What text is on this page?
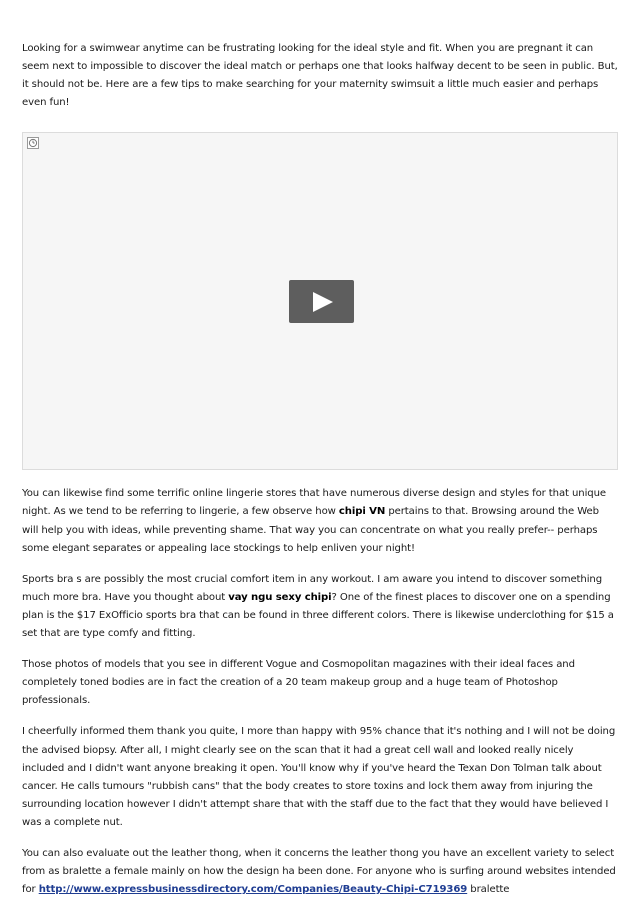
Looking for a swimwear anytime can be frustrating looking for the ideal style and fit. When you are pregnant it can seem next to impossible to discover the ideal match or perhaps one that looks halfway decent to be seen in public. But, it should not be. Here are a few tips to make searching for your maternity swimsuit a little much easier and perhaps even fun!

You can likewise find some terrific online lingerie stores that have numerous diverse design and styles for that unique night. As we tend to be referring to lingerie, a few observe how chipi VN pertains to that. Browsing around the Web will help you with ideas, while preventing shame. That way you can concentrate on what you really prefer-- perhaps some elegant separates or appealing lace stockings to help enliven your night!

Sports bra s are possibly the most crucial comfort item in any workout. I am aware you intend to discover something much more bra. Have you thought about vay ngu sexy chipi? One of the finest places to discover one on a spending plan is the $17 ExOfficio sports bra that can be found in three different colors. There is likewise underclothing for $15 a set that are type comfy and fitting.

Those photos of models that you see in different Vogue and Cosmopolitan magazines with their ideal faces and completely toned bodies are in fact the creation of a 20 team makeup group and a huge team of Photoshop professionals.

I cheerfully informed them thank you quite, I more than happy with 95% chance that it's nothing and I will not be doing the advised biopsy. After all, I might clearly see on the scan that it had a great cell wall and looked really nicely included and I didn't want anyone breaking it open. You'll know why if you've heard the Texan Don Tolman talk about cancer. He calls tumours "rubbish cans" that the body creates to store toxins and lock them away from injuring the surrounding location however I didn't attempt share that with the staff due to the fact that they would have believed I was a complete nut.

You can also evaluate out the leather thong, when it concerns the leather thong you have an excellent variety to select from as bralette a female mainly on how the design ha been done. For anyone who is surfing around websites intended for http://www.expressbusinessdirectory.com/Companies/Beauty-Chipi-C719369 bralette
